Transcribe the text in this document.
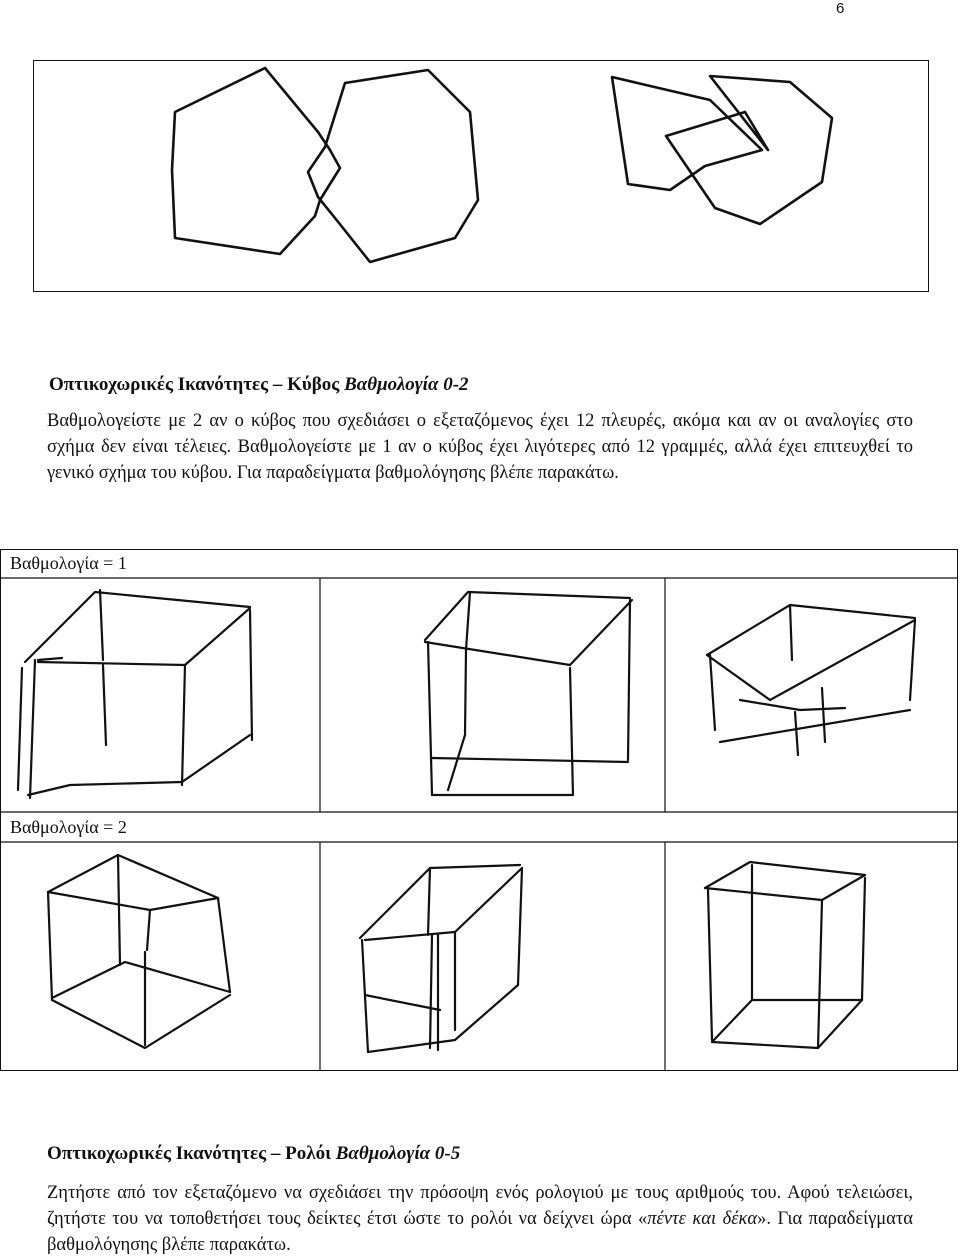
6
Οπτικοχωρικές Ικανότητες – Κύβος Βαθμολογία 0-2
Βαθμολογείστε με 2 αν ο κύβος που σχεδιάσει ο εξεταζόμενος έχει 12 πλευρές, ακόμα και αν οι αναλογίες στο σχήμα δεν είναι τέλειες. Βαθμολογείστε με 1 αν ο κύβος έχει λιγότερες από 12 γραμμές, αλλά έχει επιτευχθεί το γενικό σχήμα του κύβου. Για παραδείγματα βαθμολόγησης βλέπε παρακάτω.
Βαθμολογία = 1
Βαθμολογία = 2
Οπτικοχωρικές Ικανότητες – Ρολόι Βαθμολογία 0-5
Ζητήστε από τον εξεταζόμενο να σχεδιάσει την πρόσοψη ενός ρολογιού με τους αριθμούς του. Αφού τελειώσει, ζητήστε του να τοποθετήσει τους δείκτες έτσι ώστε το ρολόι να δείχνει ώρα «πέντε και δέκα». Για παραδείγματα βαθμολόγησης βλέπε παρακάτω.
